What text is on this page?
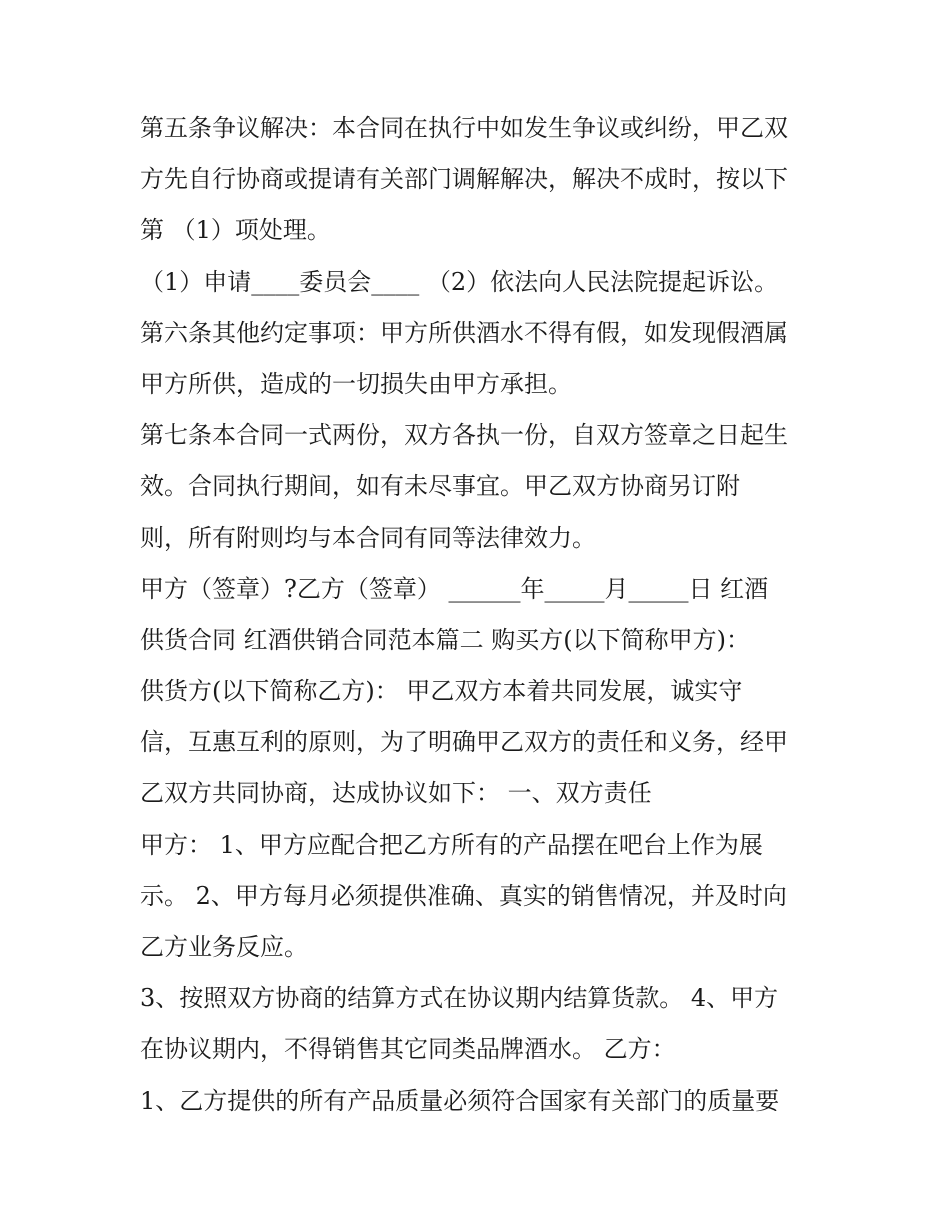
第五条争议解决：本合同在执行中如发生争议或纠纷，甲乙双

方先自行协商或提请有关部门调解解决，解决不成时，按以下

第 （1）项处理。

（1）申请____委员会____ （2）依法向人民法院提起诉讼。

第六条其他约定事项：甲方所供酒水不得有假，如发现假酒属

甲方所供，造成的一切损失由甲方承担。

第七条本合同一式两份，双方各执一份，自双方签章之日起生

效。合同执行期间，如有未尽事宜。甲乙双方协商另订附

则，所有附则均与本合同有同等法律效力。

甲方（签章）?乙方（签章） ______年_____月_____日 红酒

供货合同 红酒供销合同范本篇二 购买方(以下简称甲方)：

供货方(以下简称乙方)： 甲乙双方本着共同发展，诚实守

信，互惠互利的原则，为了明确甲乙双方的责任和义务，经甲

乙双方共同协商，达成协议如下： 一、双方责任

甲方： 1、甲方应配合把乙方所有的产品摆在吧台上作为展

示。 2、甲方每月必须提供准确、真实的销售情况，并及时向

乙方业务反应。

3、按照双方协商的结算方式在协议期内结算货款。 4、甲方

在协议期内，不得销售其它同类品牌酒水。 乙方：

1、乙方提供的所有产品质量必须符合国家有关部门的质量要
